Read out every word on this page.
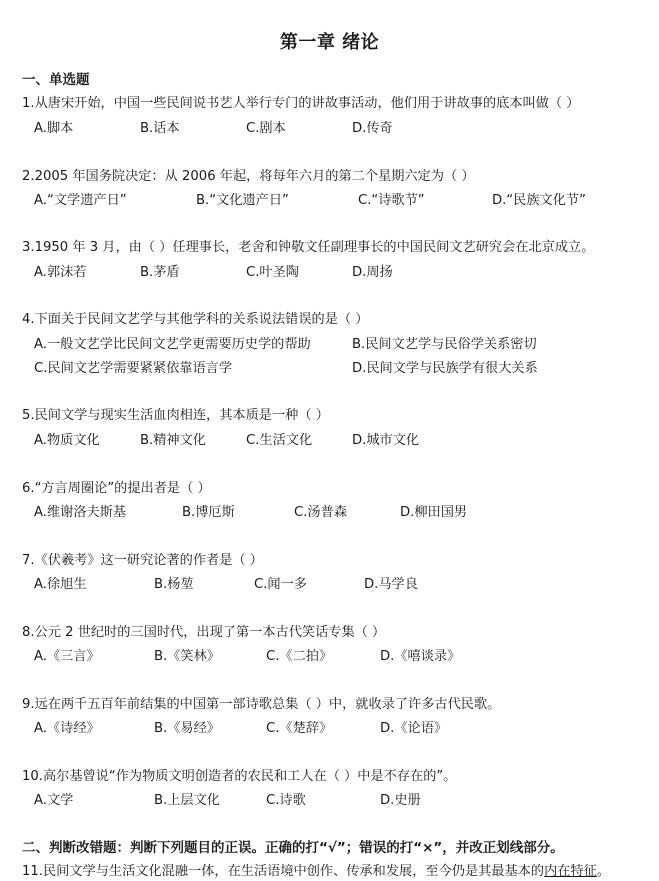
第一章 绪论
一、单选题
1.从唐宋开始，中国一些民间说书艺人举行专门的讲故事活动，他们用于讲故事的底本叫做（ ）
A.脚本	B.话本	C.剧本	D.传奇
2.2005 年国务院决定：从 2006 年起，将每年六月的第二个星期六定为（ ）
A.“文学遗产日”	B.“文化遗产日”	C.“诗歌节”	D.“民族文化节”
3.1950 年 3 月，由（ ）任理事长，老舍和钟敬文任副理事长的中国民间文艺研究会在北京成立。
A.郭沫若	B.茅盾	C.叶圣陶	D.周扬
4.下面关于民间文艺学与其他学科的关系说法错误的是（ ）
A.一般文艺学比民间文艺学更需要历史学的帮助	B.民间文艺学与民俗学关系密切
C.民间文艺学需要紧紧依靠语言学	D.民间文学与民族学有很大关系
5.民间文学与现实生活血肉相连，其本质是一种（ ）
A.物质文化	B.精神文化	C.生活文化	D.城市文化
6.“方言周圈论”的提出者是（ ）
A.维谢洛夫斯基	B.博厄斯	C.汤普森	D.柳田国男
7.《伏羲考》这一研究论著的作者是（ ）
A.徐旭生	B.杨堃	C.闻一多	D.马学良
8.公元 2 世纪时的三国时代，出现了第一本古代笑话专集（ ）
A.《三言》	B.《笑林》	C.《二拍》	D.《嘻谈录》
9.远在两千五百年前结集的中国第一部诗歌总集（ ）中，就收录了许多古代民歌。
A.《诗经》	B.《易经》	C.《楚辞》	D.《论语》
10.高尔基曾说“作为物质文明创造者的农民和工人在（ ）中是不存在的”。
A.文学	B.上层文化	C.诗歌	D.史册
二、判断改错题：判断下列题目的正误。正确的打“√”；错误的打“×”，并改正划线部分。
11.民间文学与生活文化混融一体，在生活语境中创作、传承和发展，至今仍是其最基本的内在特征。
